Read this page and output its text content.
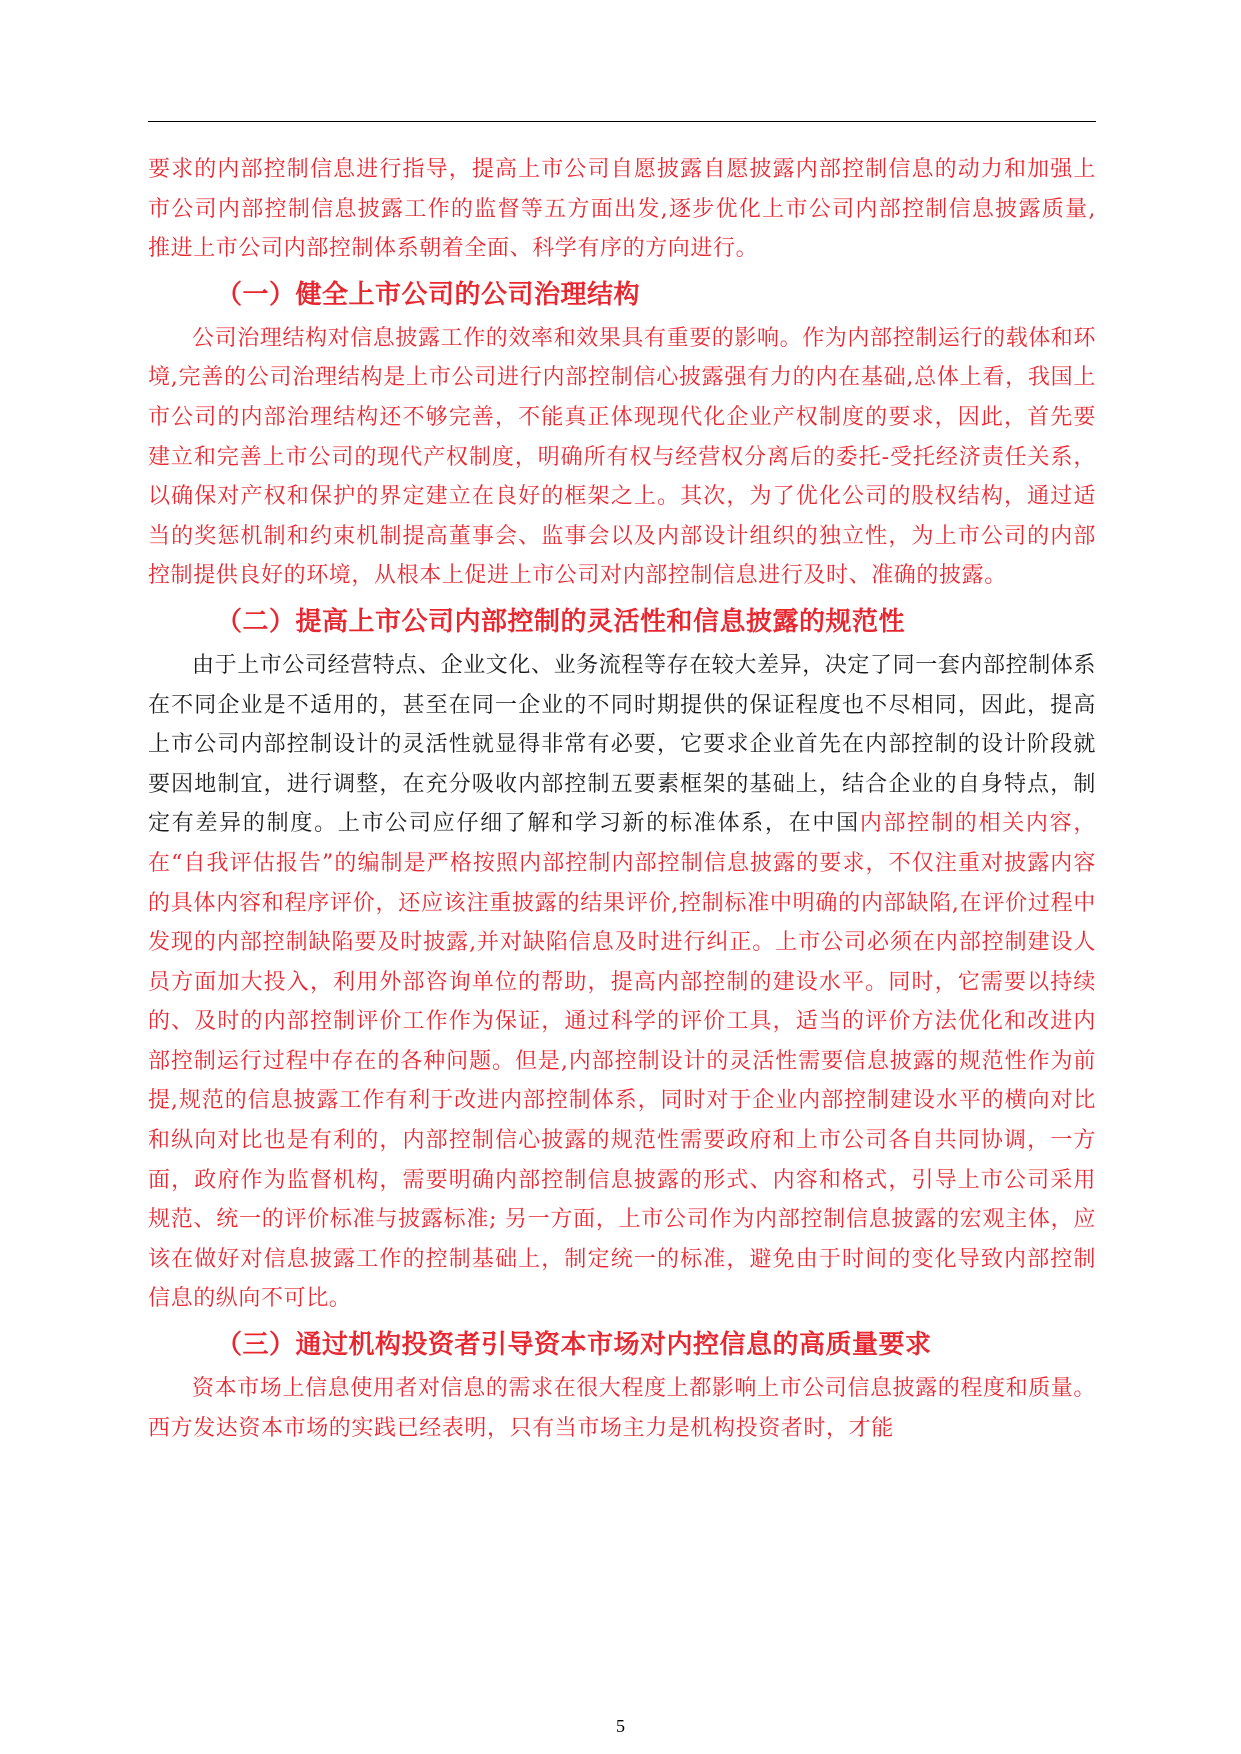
要求的内部控制信息进行指导，提高上市公司自愿披露自愿披露内部控制信息的动力和加强上市公司内部控制信息披露工作的监督等五方面出发,逐步优化上市公司内部控制信息披露质量, 推进上市公司内部控制体系朝着全面、科学有序的方向进行。

（一）健全上市公司的公司治理结构

公司治理结构对信息披露工作的效率和效果具有重要的影响。作为内部控制运行的载体和环境,完善的公司治理结构是上市公司进行内部控制信心披露强有力的内在基础,总体上看，我国上市公司的内部治理结构还不够完善，不能真正体现现代化企业产权制度的要求，因此，首先要建立和完善上市公司的现代产权制度，明确所有权与经营权分离后的委托-受托经济责任关系，以确保对产权和保护的界定建立在良好的框架之上。其次，为了优化公司的股权结构，通过适当的奖惩机制和约束机制提高董事会、监事会以及内部设计组织的独立性，为上市公司的内部控制提供良好的环境，从根本上促进上市公司对内部控制信息进行及时、准确的披露。

（二）提高上市公司内部控制的灵活性和信息披露的规范性

由于上市公司经营特点、企业文化、业务流程等存在较大差异，决定了同一套内部控制体系在不同企业是不适用的，甚至在同一企业的不同时期提供的保证程度也不尽相同，因此，提高上市公司内部控制设计的灵活性就显得非常有必要，它要求企业首先在内部控制的设计阶段就要因地制宜，进行调整，在充分吸收内部控制五要素框架的基础上，结合企业的自身特点，制定有差异的制度。上市公司应仔细了解和学习新的标准体系，在中国内部控制的相关内容，在“自我评估报告”的编制是严格按照内部控制内部控制信息披露的要求，不仅注重对披露内容的具体内容和程序评价，还应该注重披露的结果评价,控制标准中明确的内部缺陷,在评价过程中发现的内部控制缺陷要及时披露,并对缺陷信息及时进行纠正。上市公司必须在内部控制建设人员方面加大投入，利用外部咨询单位的帮助，提高内部控制的建设水平。同时，它需要以持续的、及时的内部控制评价工作作为保证，通过科学的评价工具，适当的评价方法优化和改进内部控制运行过程中存在的各种问题。但是,内部控制设计的灵活性需要信息披露的规范性作为前提,规范的信息披露工作有利于改进内部控制体系，同时对于企业内部控制建设水平的横向对比和纵向对比也是有利的，内部控制信心披露的规范性需要政府和上市公司各自共同协调，一方面，政府作为监督机构，需要明确内部控制信息披露的形式、内容和格式，引导上市公司采用规范、统一的评价标准与披露标准; 另一方面，上市公司作为内部控制信息披露的宏观主体，应该在做好对信息披露工作的控制基础上，制定统一的标准，避免由于时间的变化导致内部控制信息的纵向不可比。

（三）通过机构投资者引导资本市场对内控信息的高质量要求

资本市场上信息使用者对信息的需求在很大程度上都影响上市公司信息披露的程度和质量。西方发达资本市场的实践已经表明，只有当市场主力是机构投资者时，才能

5
